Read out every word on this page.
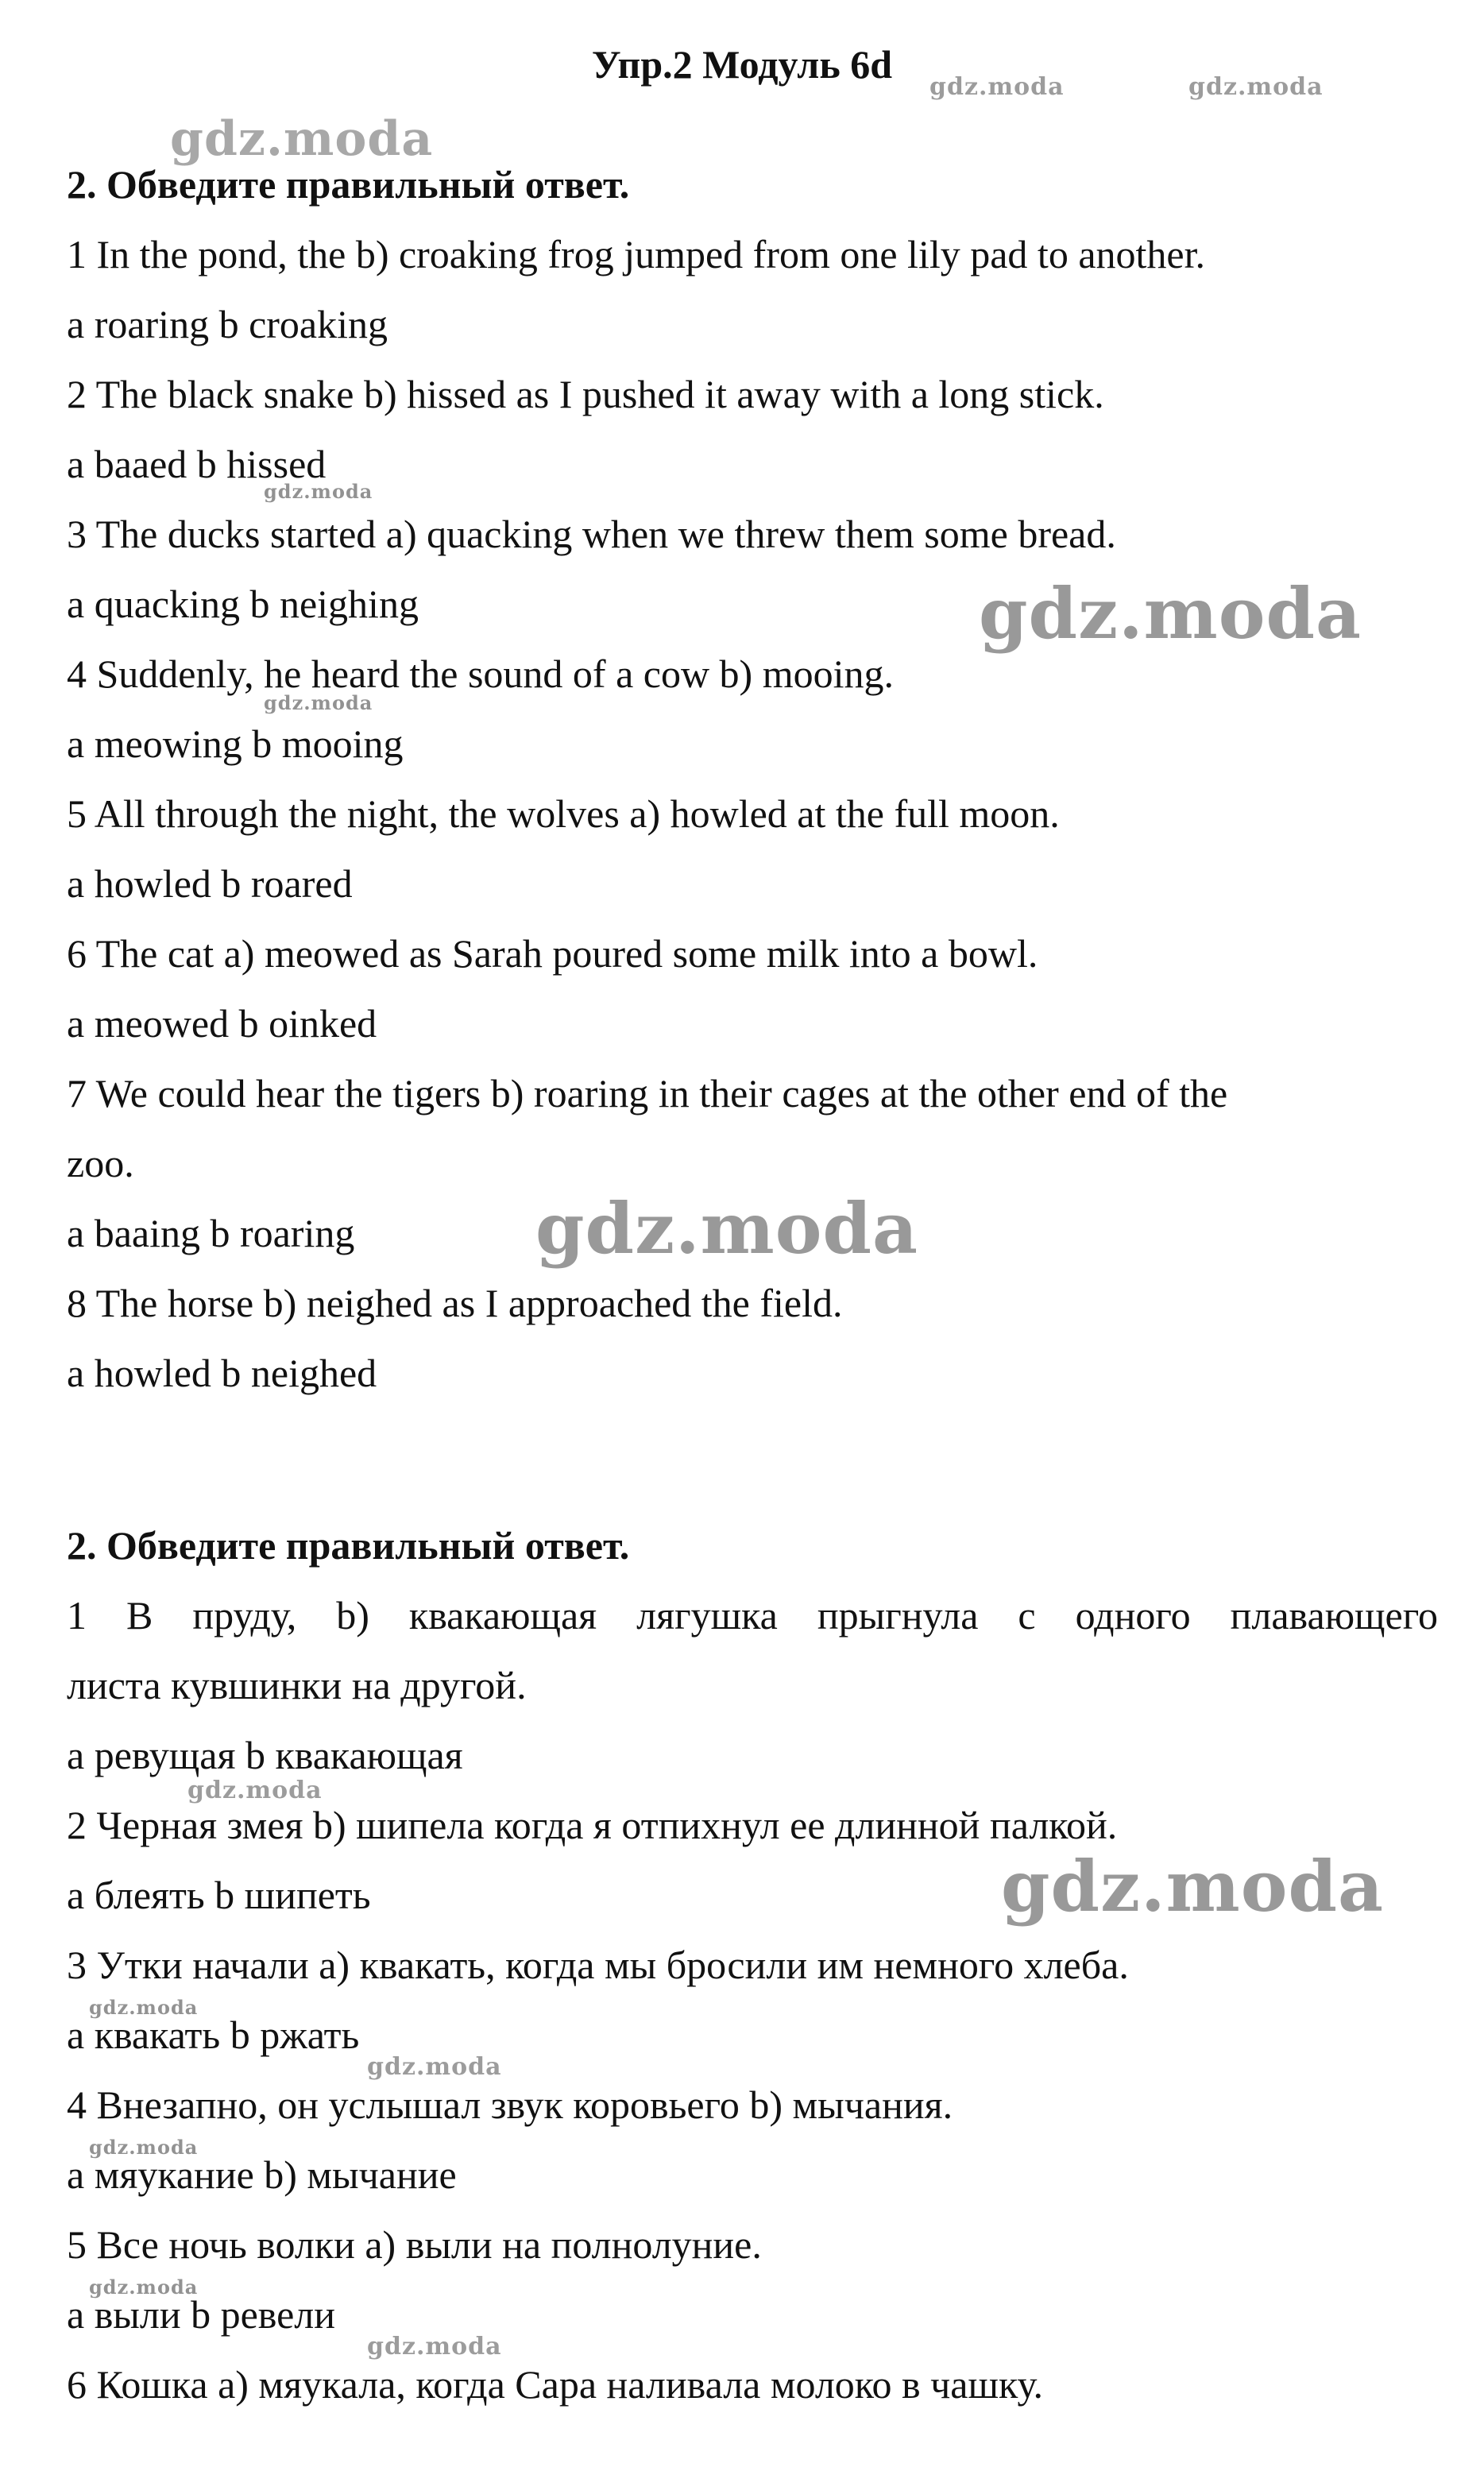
Упр.2 Модуль 6d
2. Обведите правильный ответ.
1 In the pond, the b) croaking frog jumped from one lily pad to another.
a roaring b croaking
2 The black snake b) hissed as I pushed it away with a long stick.
a baaed b hissed
3 The ducks started a) quacking when we threw them some bread.
a quacking b neighing
4 Suddenly, he heard the sound of a cow b) mooing.
a meowing b mooing
5 All through the night, the wolves a) howled at the full moon.
a howled b roared
6 The cat a) meowed as Sarah poured some milk into a bowl.
a meowed b oinked
7 We could hear the tigers b) roaring in their cages at the other end of the
zoo.
a baaing b roaring
8 The horse b) neighed as I approached the field.
a howled b neighed
2. Обведите правильный ответ.
1 В пруду, b) квакающая лягушка прыгнула с одного плавающего
листа кувшинки на другой.
а ревущая b квакающая
2 Черная змея b) шипела когда я отпихнул ее длинной палкой.
а блеять b шипеть
3 Утки начали a) квакать, когда мы бросили им немного хлеба.
а квакать b ржать
4 Внезапно, он услышал звук коровьего b) мычания.
а мяукание b) мычание
5 Все ночь волки a) выли на полнолуние.
а выли b ревели
6 Кошка a) мяукала, когда Сара наливала молоко в чашку.
gdz.moda	gdz.moda
gdz.moda
gdz.moda
gdz.moda
gdz.moda
gdz.moda
gdz.moda
gdz.moda
gdz.moda
gdz.moda
gdz.moda
gdz.moda
gdz.moda
